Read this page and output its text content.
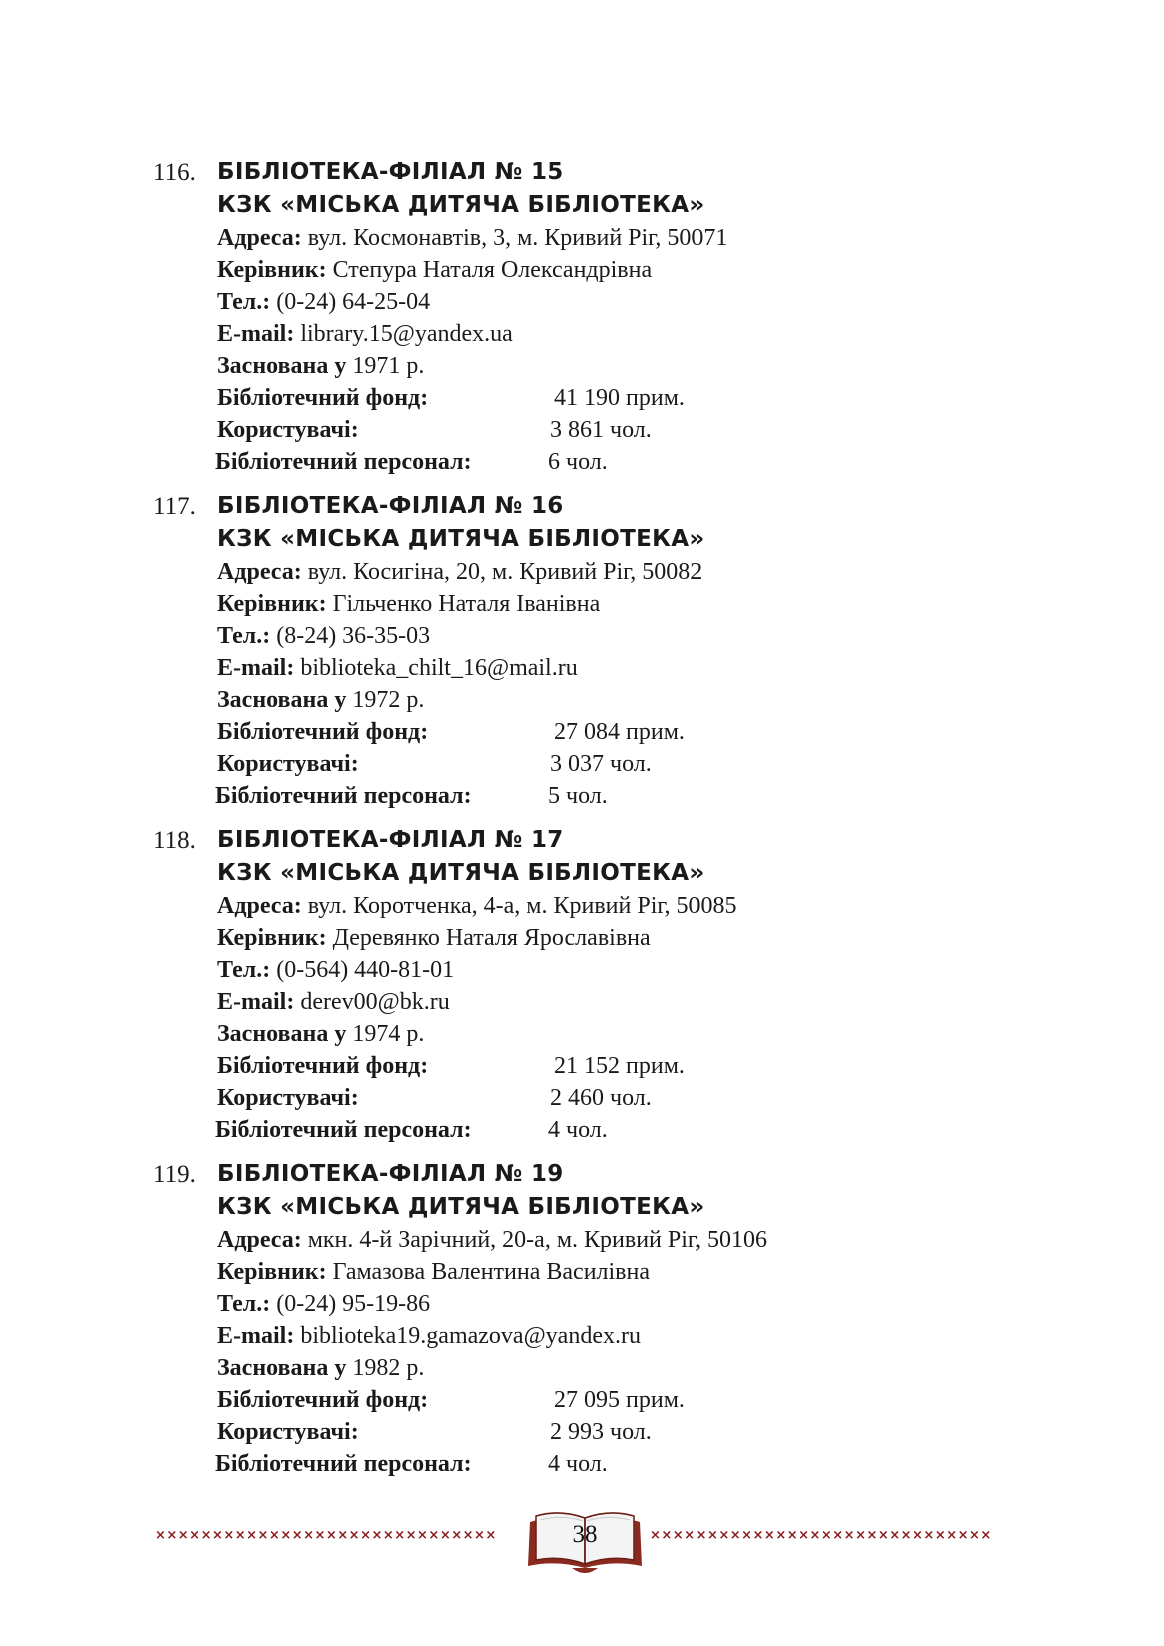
116. БІБЛІОТЕКА-ФІЛІАЛ № 15
КЗК «МІСЬКА ДИТЯЧА БІБЛІОТЕКА»
Адреса: вул. Космонавтів, 3, м. Кривий Ріг, 50071
Керівник: Степура Наталя Олександрівна
Тел.: (0-24) 64-25-04
E-mail: library.15@yandex.ua
Заснована у 1971 р.
Бібліотечний фонд:	41 190 прим.
Користувачі:	3 861 чол.
Бібліотечний персонал:	6 чол.
117. БІБЛІОТЕКА-ФІЛІАЛ № 16
КЗК «МІСЬКА ДИТЯЧА БІБЛІОТЕКА»
Адреса: вул. Косигіна, 20, м. Кривий Ріг, 50082
Керівник: Гільченко Наталя Іванівна
Тел.: (8-24) 36-35-03
E-mail: biblioteka_chilt_16@mail.ru
Заснована у 1972 р.
Бібліотечний фонд:	27 084 прим.
Користувачі:	3 037 чол.
Бібліотечний персонал:	5 чол.
118. БІБЛІОТЕКА-ФІЛІАЛ № 17
КЗК «МІСЬКА ДИТЯЧА БІБЛІОТЕКА»
Адреса: вул. Коротченка, 4-а, м. Кривий Ріг, 50085
Керівник: Деревянко Наталя Ярославівна
Тел.: (0-564) 440-81-01
E-mail: derev00@bk.ru
Заснована у 1974 р.
Бібліотечний фонд:	21 152 прим.
Користувачі:	2 460 чол.
Бібліотечний персонал:	4 чол.
119. БІБЛІОТЕКА-ФІЛІАЛ № 19
КЗК «МІСЬКА ДИТЯЧА БІБЛІОТЕКА»
Адреса: мкн. 4-й Зарічний, 20-а, м. Кривий Ріг, 50106
Керівник: Гамазова Валентина Василівна
Тел.: (0-24) 95-19-86
E-mail: biblioteka19.gamazova@yandex.ru
Заснована у 1982 р.
Бібліотечний фонд:	27 095 прим.
Користувачі:	2 993 чол.
Бібліотечний персонал:	4 чол.
××××××××××××××××××××××××××××××	××××××××××××××××××××××××××××××
38
